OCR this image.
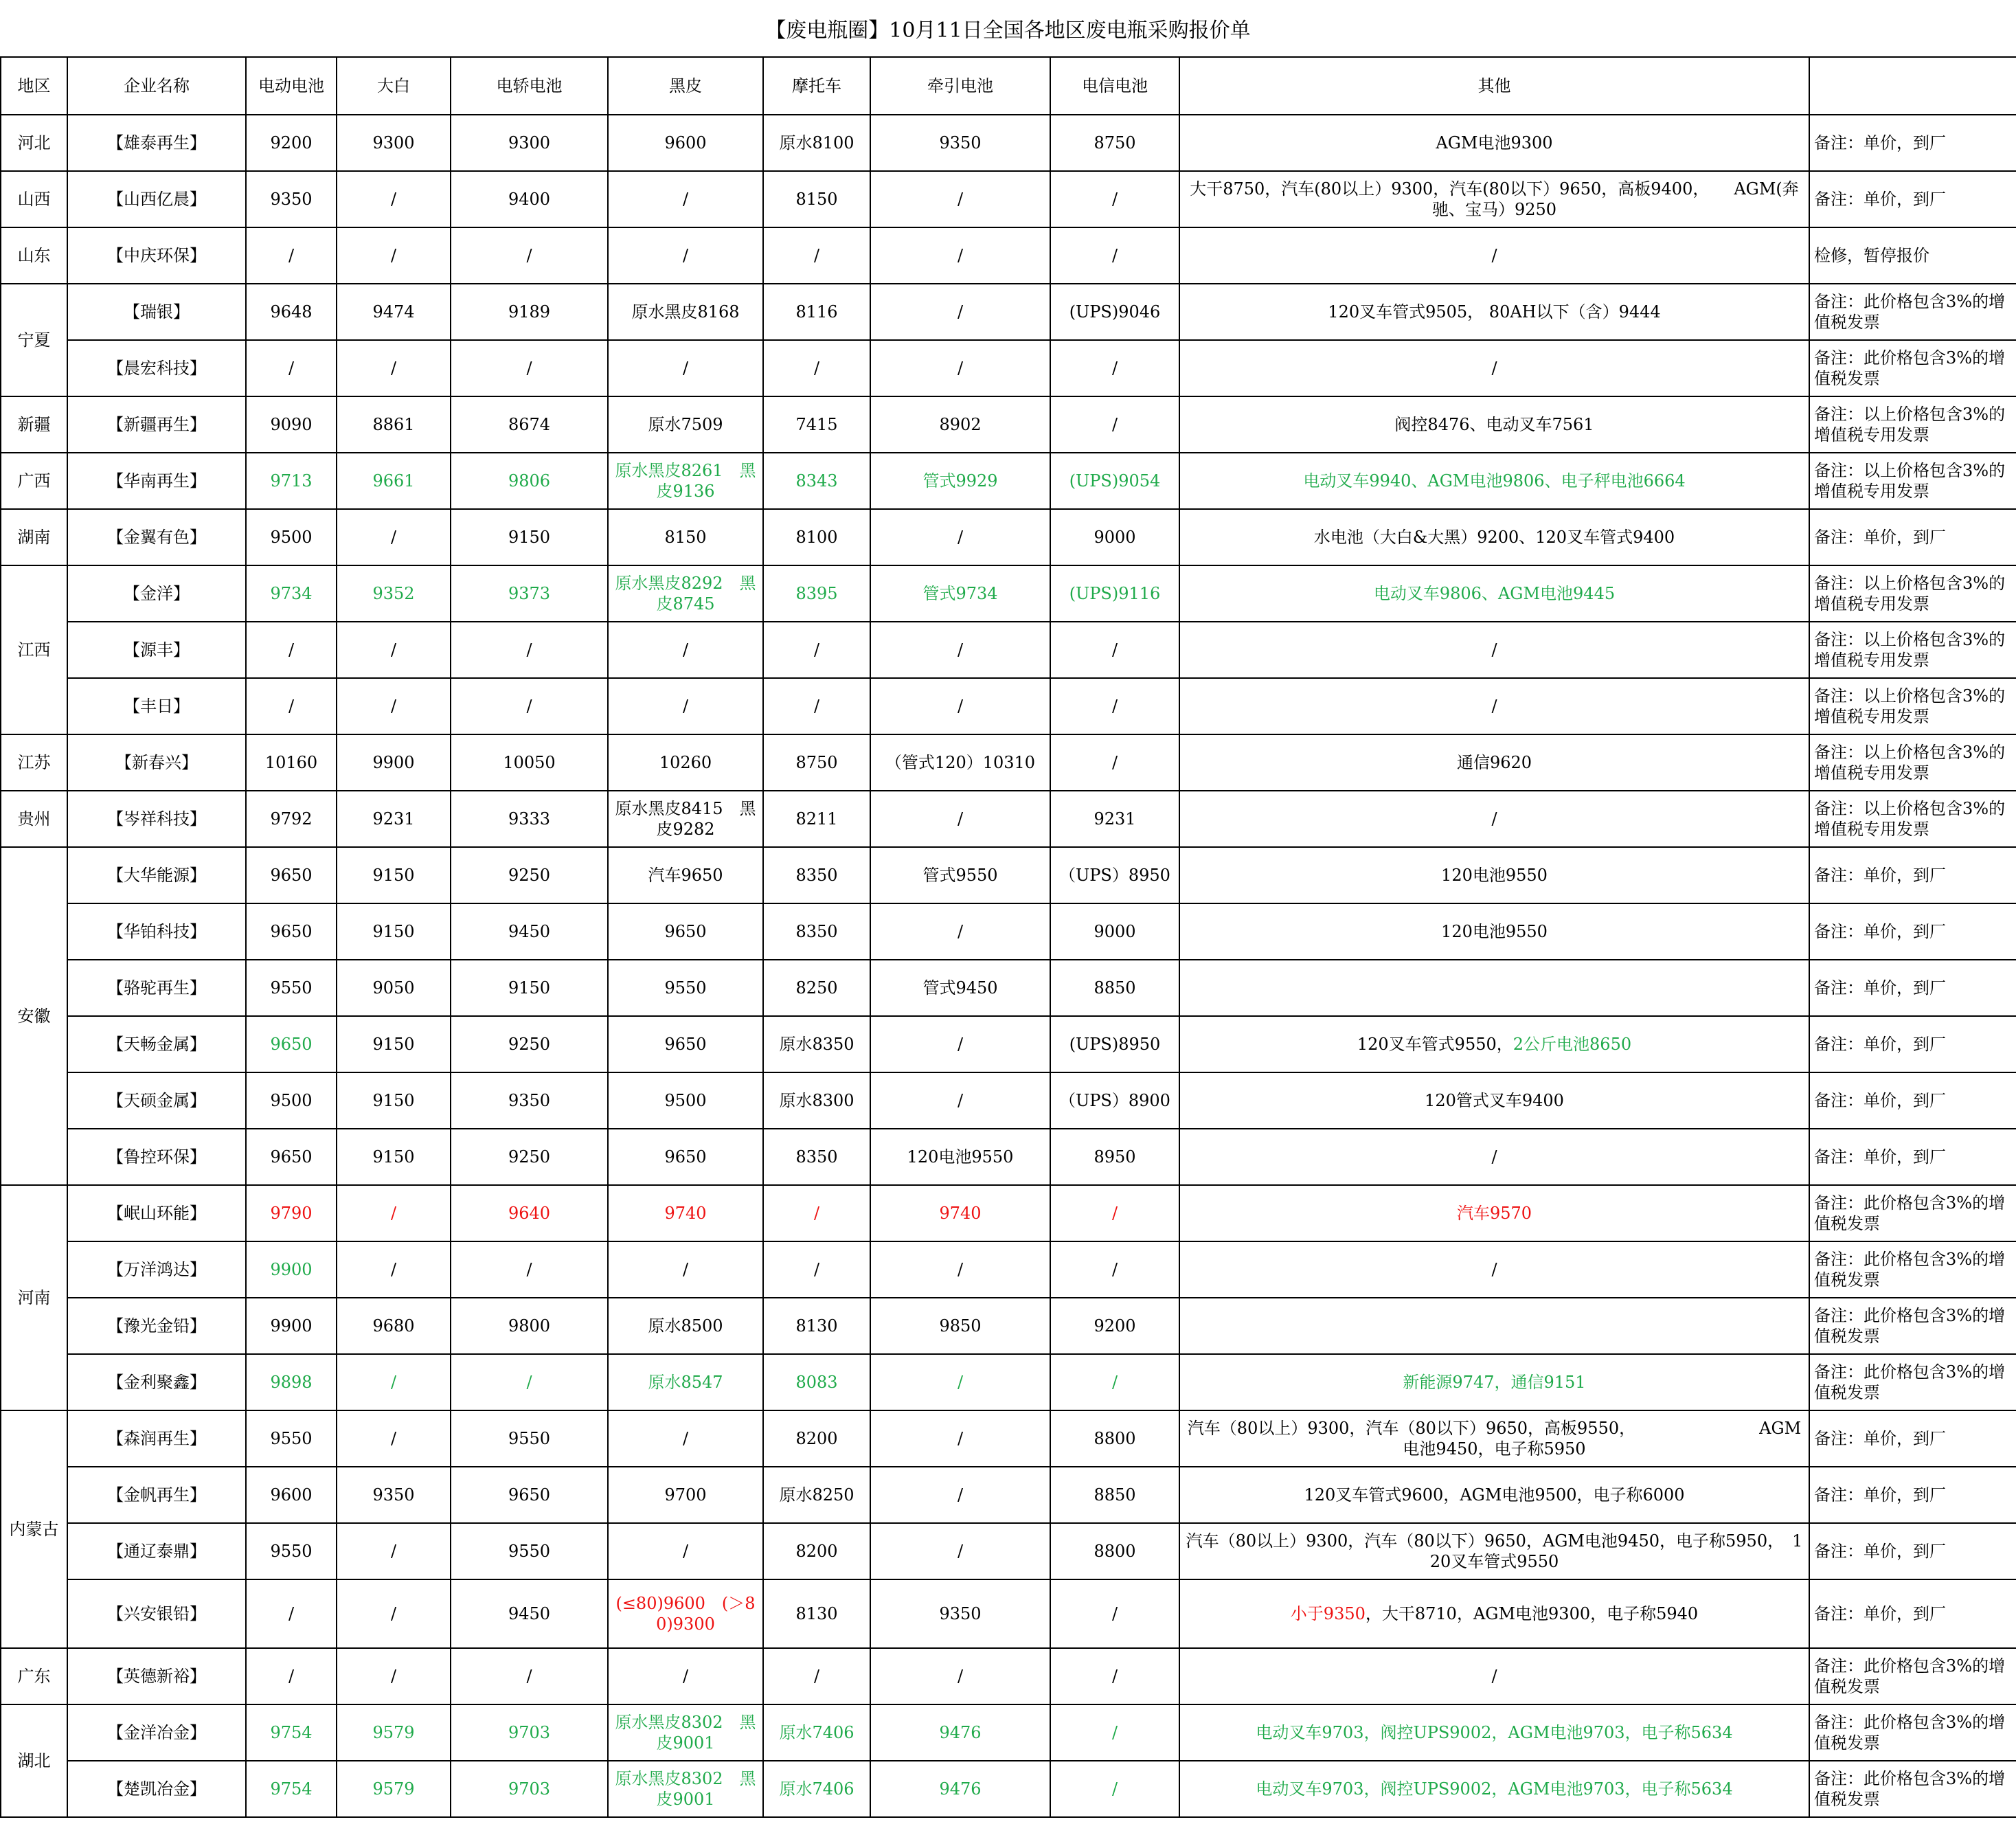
【废电瓶圈】10月11日全国各地区废电瓶采购报价单
地区	企业名称	电动电池	大白	电轿电池	黑皮	摩托车	牵引电池	电信电池	其他	
河北	【雄泰再生】	9200	9300	9300	9600	原水8100	9350	8750	AGM电池9300	备注：单价，到厂
山西	【山西亿晨】	9350	/	9400	/	8150	/	/	大干8750，汽车(80以上）9300，汽车(80以下）9650，高板9400，　　AGM(奔驰、宝马）9250	备注：单价，到厂
山东	【中庆环保】	/	/	/	/	/	/	/	/	检修，暂停报价
宁夏	【瑞银】	9648	9474	9189	原水黑皮8168	8116	/	(UPS)9046	120叉车管式9505， 80AH以下（含）9444	备注：此价格包含3%的增值税发票
	【晨宏科技】	/	/	/	/	/	/	/	/	备注：此价格包含3%的增值税发票
新疆	【新疆再生】	9090	8861	8674	原水7509	7415	8902	/	阀控8476、电动叉车7561	备注：以上价格包含3%的增值税专用发票
广西	【华南再生】	9713	9661	9806	原水黑皮8261　黑皮9136	8343	管式9929	(UPS)9054	电动叉车9940、AGM电池9806、电子秤电池6664	备注：以上价格包含3%的增值税专用发票
湖南	【金翼有色】	9500	/	9150	8150	8100	/	9000	水电池（大白&大黑）9200、120叉车管式9400	备注：单价，到厂
江西	【金洋】	9734	9352	9373	原水黑皮8292　黑皮8745	8395	管式9734	(UPS)9116	电动叉车9806、AGM电池9445	备注：以上价格包含3%的增值税专用发票
	【源丰】	/	/	/	/	/	/	/	/	备注：以上价格包含3%的增值税专用发票
	【丰日】	/	/	/	/	/	/	/	/	备注：以上价格包含3%的增值税专用发票
江苏	【新春兴】	10160	9900	10050	10260	8750	（管式120）10310	/	通信9620	备注：以上价格包含3%的增值税专用发票
贵州	【岑祥科技】	9792	9231	9333	原水黑皮8415　黑皮9282	8211	/	9231	/	备注：以上价格包含3%的增值税专用发票
安徽	【大华能源】	9650	9150	9250	汽车9650	8350	管式9550	（UPS）8950	120电池9550	备注：单价，到厂
	【华铂科技】	9650	9150	9450	9650	8350	/	9000	120电池9550	备注：单价，到厂
	【骆驼再生】	9550	9050	9150	9550	8250	管式9450	8850		备注：单价，到厂
	【天畅金属】	9650	9150	9250	9650	原水8350	/	(UPS)8950	120叉车管式9550，2公斤电池8650	备注：单价，到厂
	【天硕金属】	9500	9150	9350	9500	原水8300	/	（UPS）8900	120管式叉车9400	备注：单价，到厂
	【鲁控环保】	9650	9150	9250	9650	8350	120电池9550	8950	/	备注：单价，到厂
河南	【岷山环能】	9790	/	9640	9740	/	9740	/	汽车9570	备注：此价格包含3%的增值税发票
	【万洋鸿达】	9900	/	/	/	/	/	/	/	备注：此价格包含3%的增值税发票
	【豫光金铅】	9900	9680	9800	原水8500	8130	9850	9200		备注：此价格包含3%的增值税发票
	【金利聚鑫】	9898	/	/	原水8547	8083	/	/	新能源9747，通信9151	备注：此价格包含3%的增值税发票
内蒙古	【森润再生】	9550	/	9550	/	8200	/	8800	汽车（80以上）9300，汽车（80以下）9650，高板9550，　　　　　　　　AGM电池9450，电子称5950	备注：单价，到厂
	【金帆再生】	9600	9350	9650	9700	原水8250	/	8850	120叉车管式9600，AGM电池9500，电子称6000	备注：单价，到厂
	【通辽泰鼎】	9550	/	9550	/	8200	/	8800	汽车（80以上）9300，汽车（80以下）9650，AGM电池9450，电子称5950，　120叉车管式9550	备注：单价，到厂
	【兴安银铅】	/	/	9450	(≤80)9600　(＞80)9300	8130	9350	/	小于9350，大干8710，AGM电池9300，电子称5940	备注：单价，到厂
广东	【英德新裕】	/	/	/	/	/	/	/	/	备注：此价格包含3%的增值税发票
湖北	【金洋冶金】	9754	9579	9703	原水黑皮8302　黑皮9001	原水7406	9476	/	电动叉车9703，阀控UPS9002，AGM电池9703，电子称5634	备注：此价格包含3%的增值税发票
	【楚凯冶金】	9754	9579	9703	原水黑皮8302　黑皮9001	原水7406	9476	/	电动叉车9703，阀控UPS9002，AGM电池9703，电子称5634	备注：此价格包含3%的增值税发票
